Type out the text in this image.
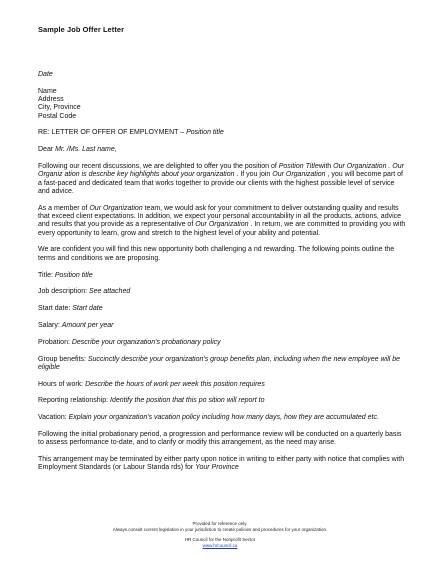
Sample Job Offer Letter

Date

Name

Address

City, Province

Postal Code

RE: LETTER OF OFFER OF EMPLOYMENT – Position title

Dear Mr. /Ms. Last name,

Following our recent discussions, we are delighted to offer you the position of Position Titlewith Our Organization . Our Organiz ation is describe key highlights about your organization . If you join Our Organization , you will become part of a fast-paced and dedicated team that works together to provide our clients with the highest possible level of service and advice.

As a member of Our Organization team, we would ask for your commitment to deliver outstanding quality and results that exceed client expectations. In addition, we expect your personal accountability in all the products, actions, advice and results that you provide as a representative of Our Organization . In return, we are committed to providing you with every opportunity to learn, grow and stretch to the highest level of your ability and potential.

We are confident you will find this new opportunity both challenging a nd rewarding. The following points outline the terms and conditions we are proposing.

Title: Position title

Job description: See attached

Start date: Start date

Salary: Amount per year

Probation: Describe your organization's probationary policy

Group benefits: Succinctly describe your organization's group benefits plan, including when the new employee will be eligible

Hours of work: Describe the hours of work per week this position requires

Reporting relationship: Identify the position that this po sition will report to

Vacation: Explain your organization's vacation policy including how many days, how they are accumulated etc.

Following the initial probationary period, a progression and performance review will be conducted on a quarterly basis to assess performance to-date, and to clarify or modify this arrangement, as the need may arise.

This arrangement may be terminated by either party upon notice in writing to either party with notice that complies with Employment Standards (or Labour Standa rds) for Your Province

Provided for reference only.
Always consult current legislation in your jurisdiction to create policies and procedures for your organization.
HR Council for the Nonprofit Sector
www.hrcouncil.ca
